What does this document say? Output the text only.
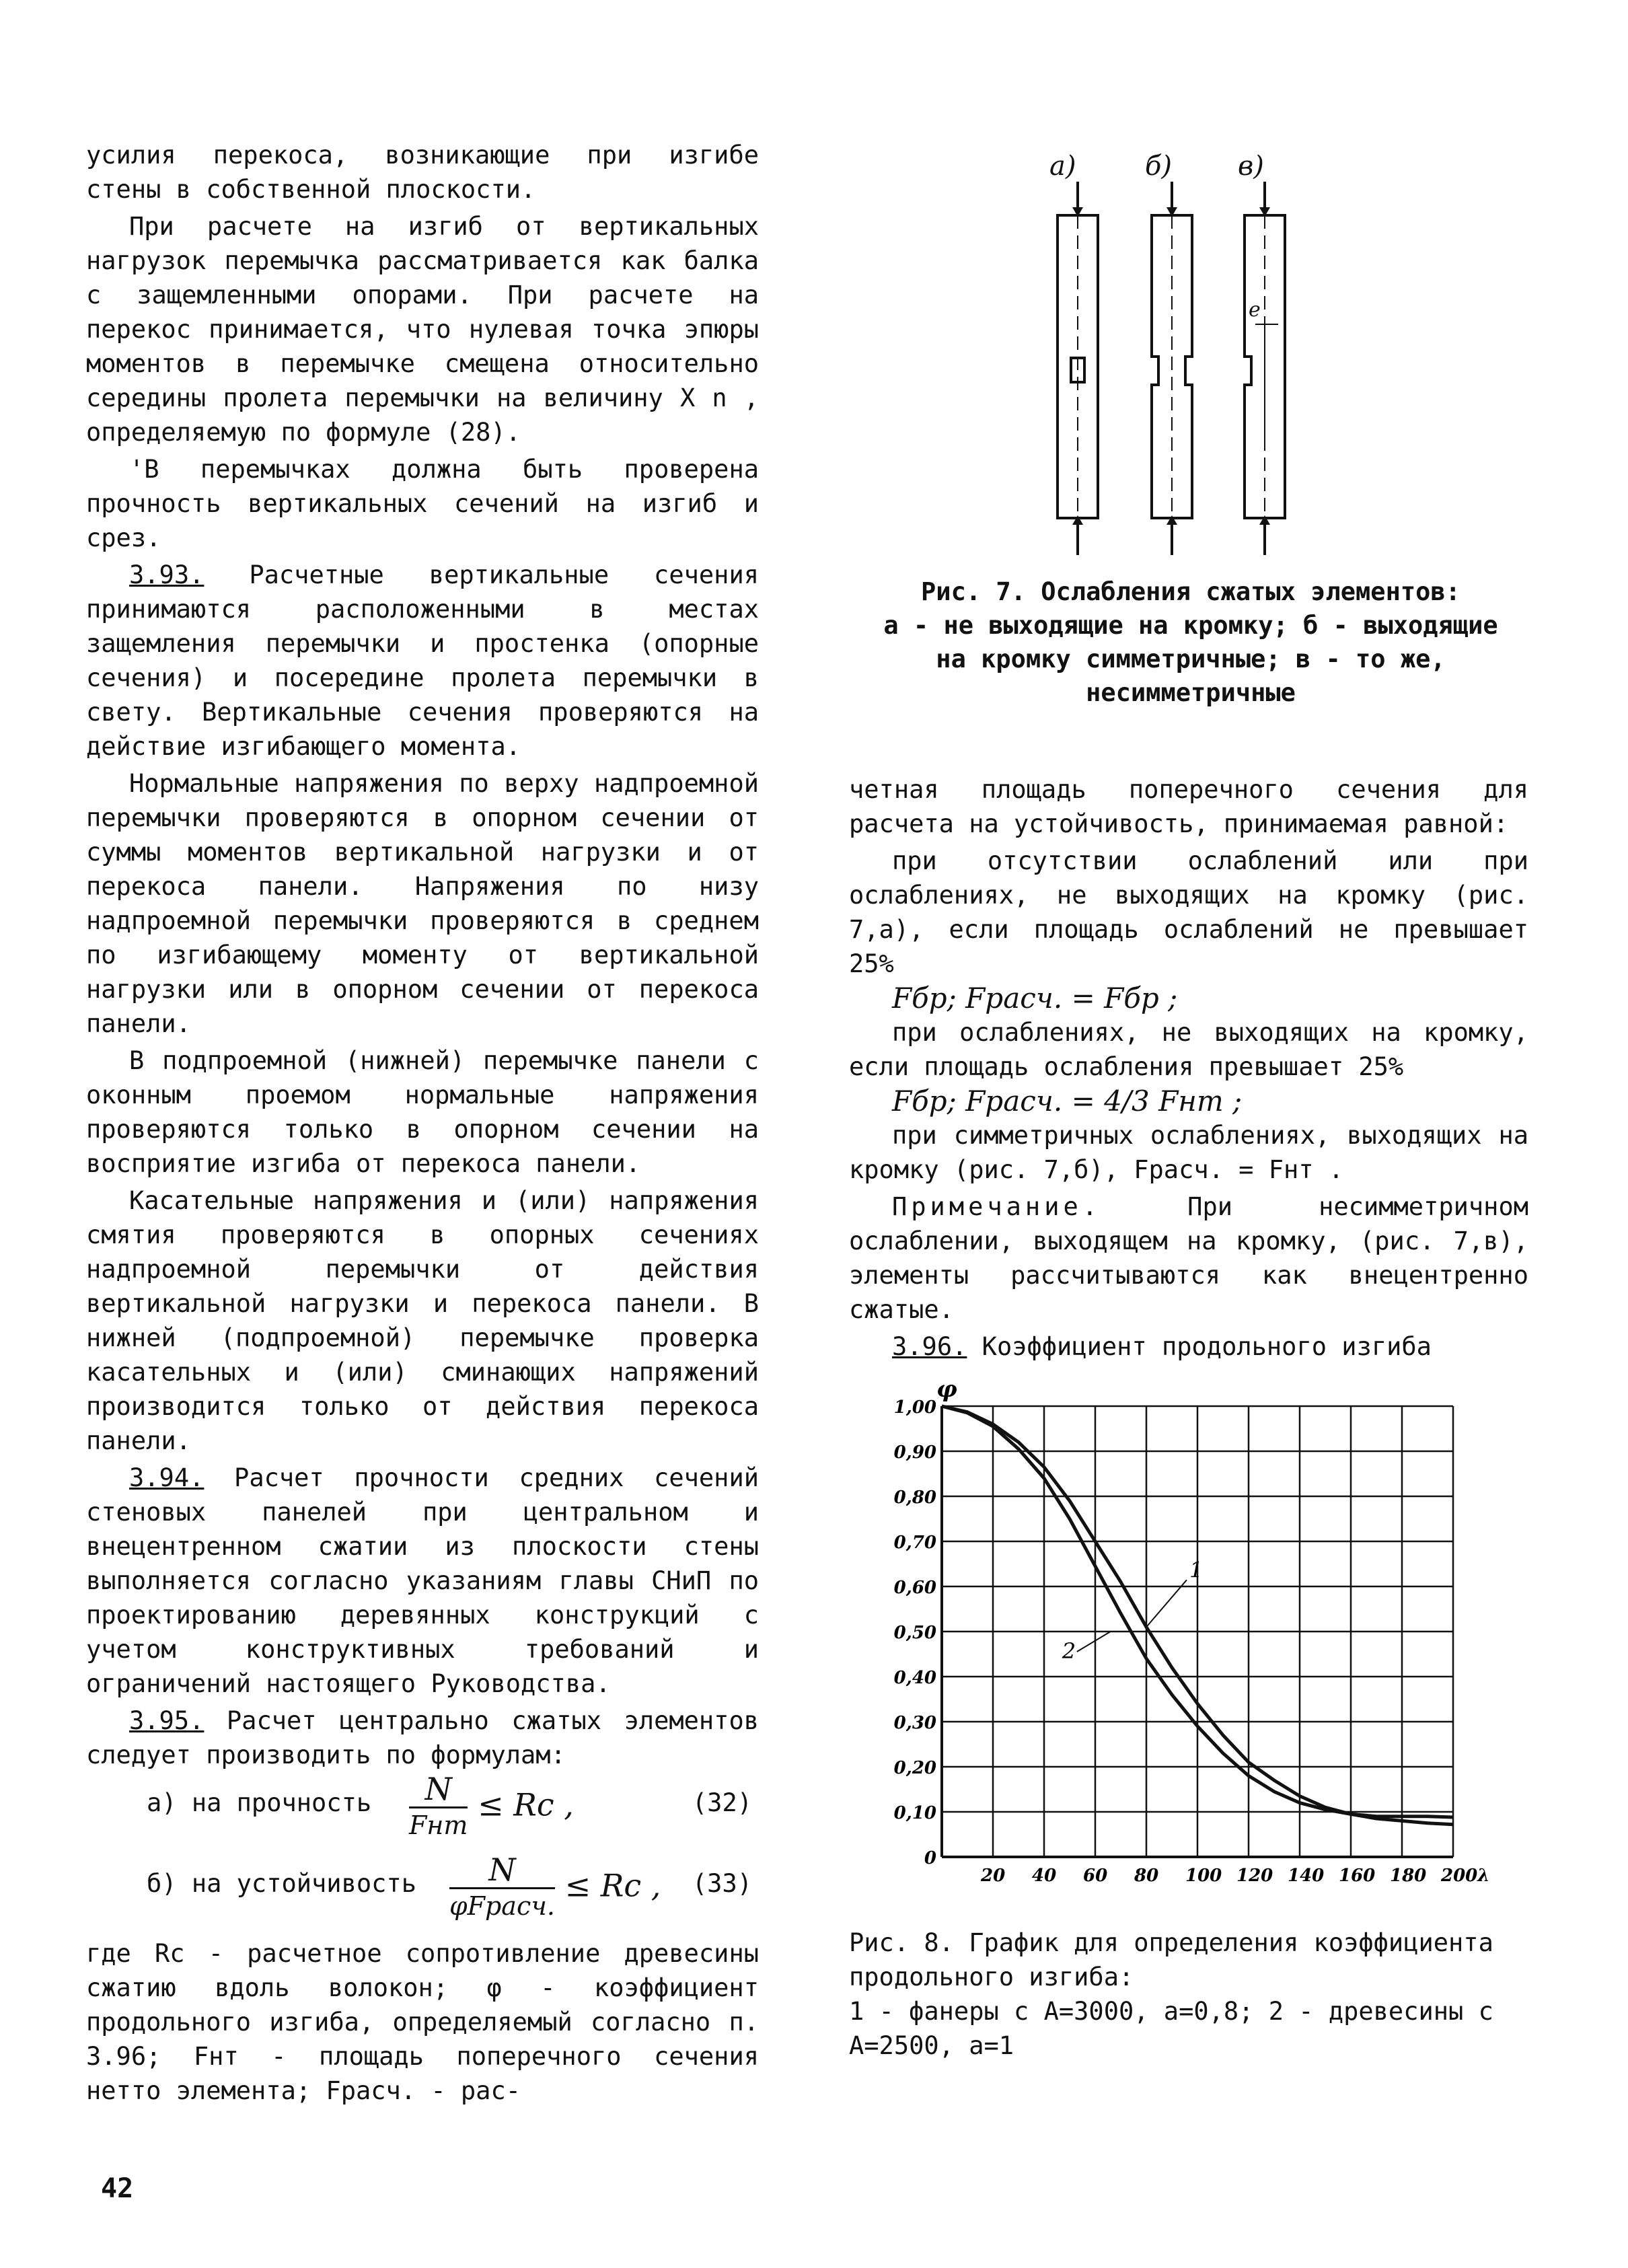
усилия перекоса, возникающие при изгибе стены в собственной плоскости.

При расчете на изгиб от вертикальных нагрузок перемычка рассматривается как балка с защемленными опорами. При расчете на перекос принимается, что нулевая точка эпюры моментов в перемычке смещена относительно середины пролета перемычки на величину Х n , определяемую по формуле (28).

'В перемычках должна быть проверена прочность вертикальных сечений на изгиб и срез.

3.93. Расчетные вертикальные сечения принимаются расположенными в местах защемления перемычки и простенка (опорные сечения) и посередине пролета перемычки в свету. Вертикальные сечения проверяются на действие изгибающего момента.

Нормальные напряжения по верху надпроемной перемычки проверяются в опорном сечении от суммы моментов вертикальной нагрузки и от перекоса панели. Напряжения по низу надпроемной перемычки проверяются в среднем по изгибающему моменту от вертикальной нагрузки или в опорном сечении от перекоса панели.

В подпроемной (нижней) перемычке панели с оконным проемом нормальные напряжения проверяются только в опорном сечении на восприятие изгиба от перекоса панели.

Касательные напряжения и (или) напряжения смятия проверяются в опорных сечениях надпроемной перемычки от действия вертикальной нагрузки и перекоса панели. В нижней (подпроемной) перемычке проверка касательных и (или) сминающих напряжений производится только от действия перекоса панели.

3.94. Расчет прочности средних сечений стеновых панелей при центральном и внецентренном сжатии из плоскости стены выполняется согласно указаниям главы СНиП по проектированию деревянных конструкций с учетом конструктивных требований и ограничений настоящего Руководства.

3.95. Расчет центрально сжатых элементов следует производить по формулам:

а) на прочность $\frac{N}{\text{Fнт}}$ ≤ Rс ,	(32)
б) на устойчивость $\frac{N}{\text{φFрасч.}}$ ≤ Rс , (33)

где Rс - расчетное сопротивление древесины сжатию вдоль волокон; φ - коэффициент продольного изгиба, определяемый согласно п. 3.96; Fнт - площадь поперечного сечения нетто элемента; Fрасч. - рас-

а)	б) в)
e
Рис. 7. Ослабления сжатых элементов:
а - не выходящие на кромку; б - выходящие
на кромку симметричные; в - то же, несимметричные

четная площадь поперечного сечения для расчета на устойчивость, принимаемая равной:

при отсутствии ослаблений или при ослаблениях, не выходящих на кромку (рис. 7,а), если площадь ослаблений не превышает 25%

Fбр; Fрасч. = Fбр ;

при ослаблениях, не выходящих на кромку, если площадь ослабления превышает 25%

Fбр; Fрасч. = 4/3 Fнт ;

при симметричных ослаблениях, выходящих на кромку (рис. 7,б), Fрасч. = Fнт .

Примечание. При несимметричном ослаблении, выходящем на кромку, (рис. 7,в), элементы рассчитываются как внецентренно сжатые.

3.96. Коэффициент продольного изгиба

20 40 60 80 100 120 140 160 180 200λ
0
0,10
0,20
0,30
0,40
0,50
0,60
0,70
0,80
0,90
1,00
φ
1
2
Рис. 8. График для определения коэффициента продольного изгиба:
1 - фанеры с А=3000, а=0,8; 2 - древесины с А=2500, а=1
42
